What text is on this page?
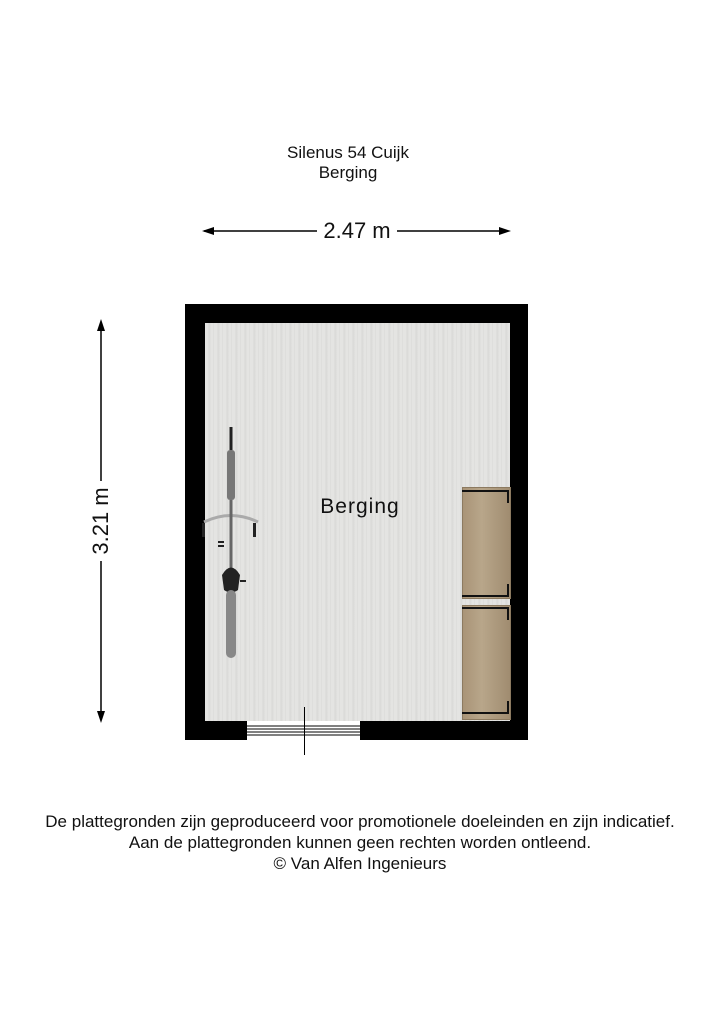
Silenus 54 Cuijk
Berging
2.47 m
3.21 m	Berging
De plattegronden zijn geproduceerd voor promotionele doeleinden en zijn indicatief.
Aan de plattegronden kunnen geen rechten worden ontleend.
© Van Alfen Ingenieurs
